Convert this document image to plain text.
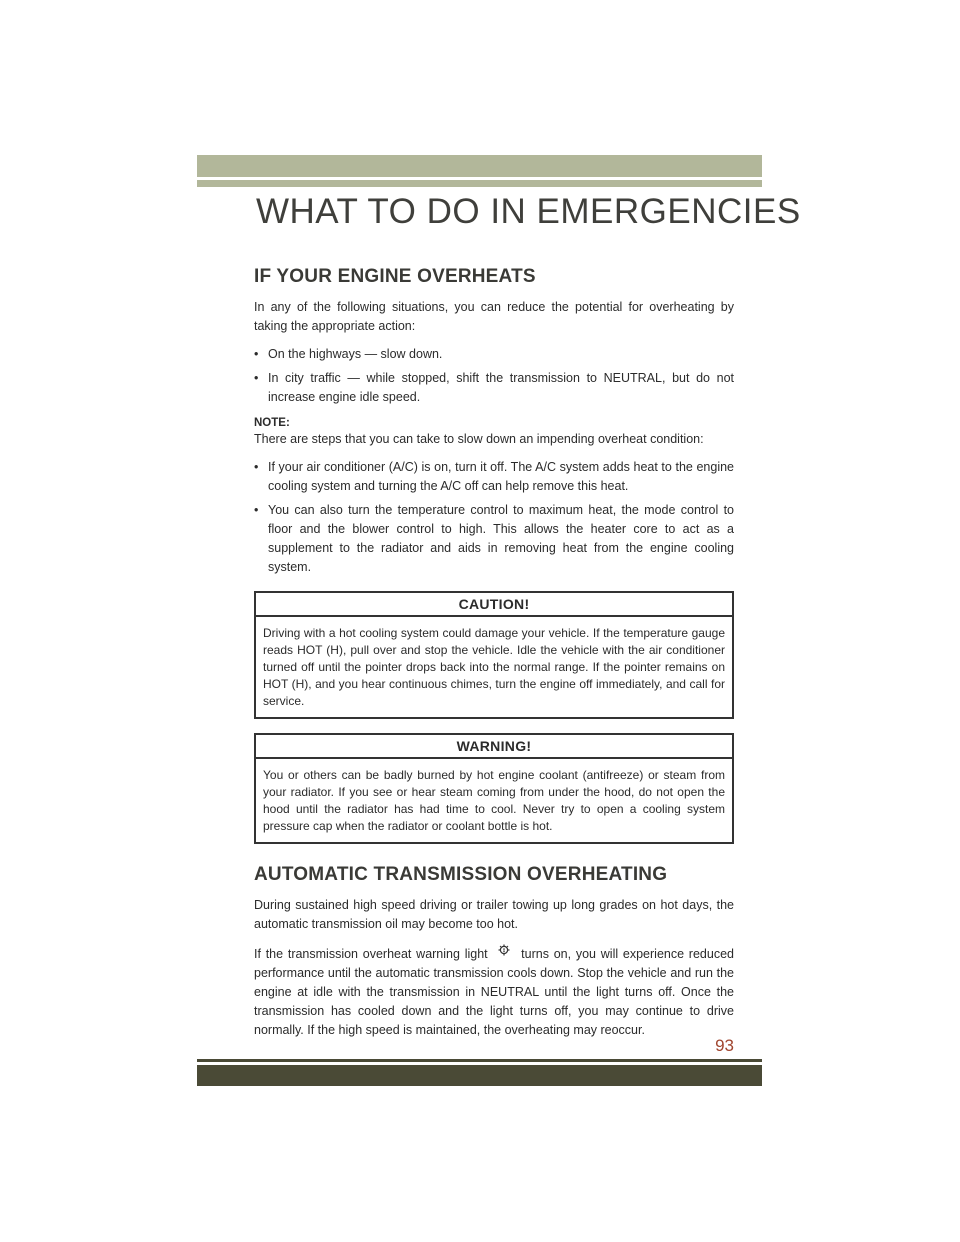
WHAT TO DO IN EMERGENCIES
IF YOUR ENGINE OVERHEATS

In any of the following situations, you can reduce the potential for overheating by taking the appropriate action:

• On the highways — slow down.
• In city traffic — while stopped, shift the transmission to NEUTRAL, but do not increase engine idle speed.
NOTE:

There are steps that you can take to slow down an impending overheat condition:

• If your air conditioner (A/C) is on, turn it off. The A/C system adds heat to the engine cooling system and turning the A/C off can help remove this heat.
• You can also turn the temperature control to maximum heat, the mode control to floor and the blower control to high. This allows the heater core to act as a supplement to the radiator and aids in removing heat from the engine cooling system.
CAUTION!
Driving with a hot cooling system could damage your vehicle. If the temperature gauge reads HOT (H), pull over and stop the vehicle. Idle the vehicle with the air conditioner turned off until the pointer drops back into the normal range. If the pointer remains on HOT (H), and you hear continuous chimes, turn the engine off immediately, and call for service.
WARNING!
You or others can be badly burned by hot engine coolant (antifreeze) or steam from your radiator. If you see or hear steam coming from under the hood, do not open the hood until the radiator has had time to cool. Never try to open a cooling system pressure cap when the radiator or coolant bottle is hot.
AUTOMATIC TRANSMISSION OVERHEATING

During sustained high speed driving or trailer towing up long grades on hot days, the automatic transmission oil may become too hot.

If the transmission overheat warning light	turns on, you will experience reduced performance until the automatic transmission cools down. Stop the vehicle and run the engine at idle with the transmission in NEUTRAL until the light turns off. Once the transmission has cooled down and the light turns off, you may continue to drive normally. If the high speed is maintained, the overheating may reoccur.

93
